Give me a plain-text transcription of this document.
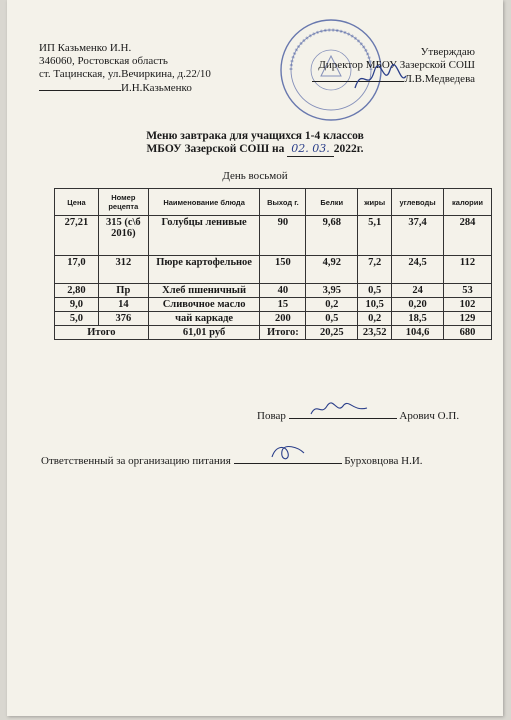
ИП Казьменко И.Н.
346060, Ростовская область
ст. Тацинская, ул.Вечиркина, д.22/10
И.Н.Казьменко
Утверждаю
Директор МБОУ Зазерской СОШ
Л.В.Медведева
Меню завтрака для учащихся 1-4 классов
МБОУ Зазерской СОШ на 02. 03. 2022г.
День восьмой
Цена	Номер рецепта	Наименование блюда	Выход г.	Белки	жиры	углеводы	калории
27,21	315 (с\б 2016)	Голубцы ленивые	90	9,68	5,1	37,4	284
17,0	312	Пюре картофельное	150	4,92	7,2	24,5	112
2,80	Пр	Хлеб пшеничный	40	3,95	0,5	24	53
9,0	14	Сливочное масло	15	0,2	10,5	0,20	102
5,0	376	чай каркаде	200	0,5	0,2	18,5	129
Итого		61,01 руб	Итого:	20,25	23,52	104,6	680
Повар	Арович О.П.
Ответственный за организацию питания	Бурховцова Н.И.
